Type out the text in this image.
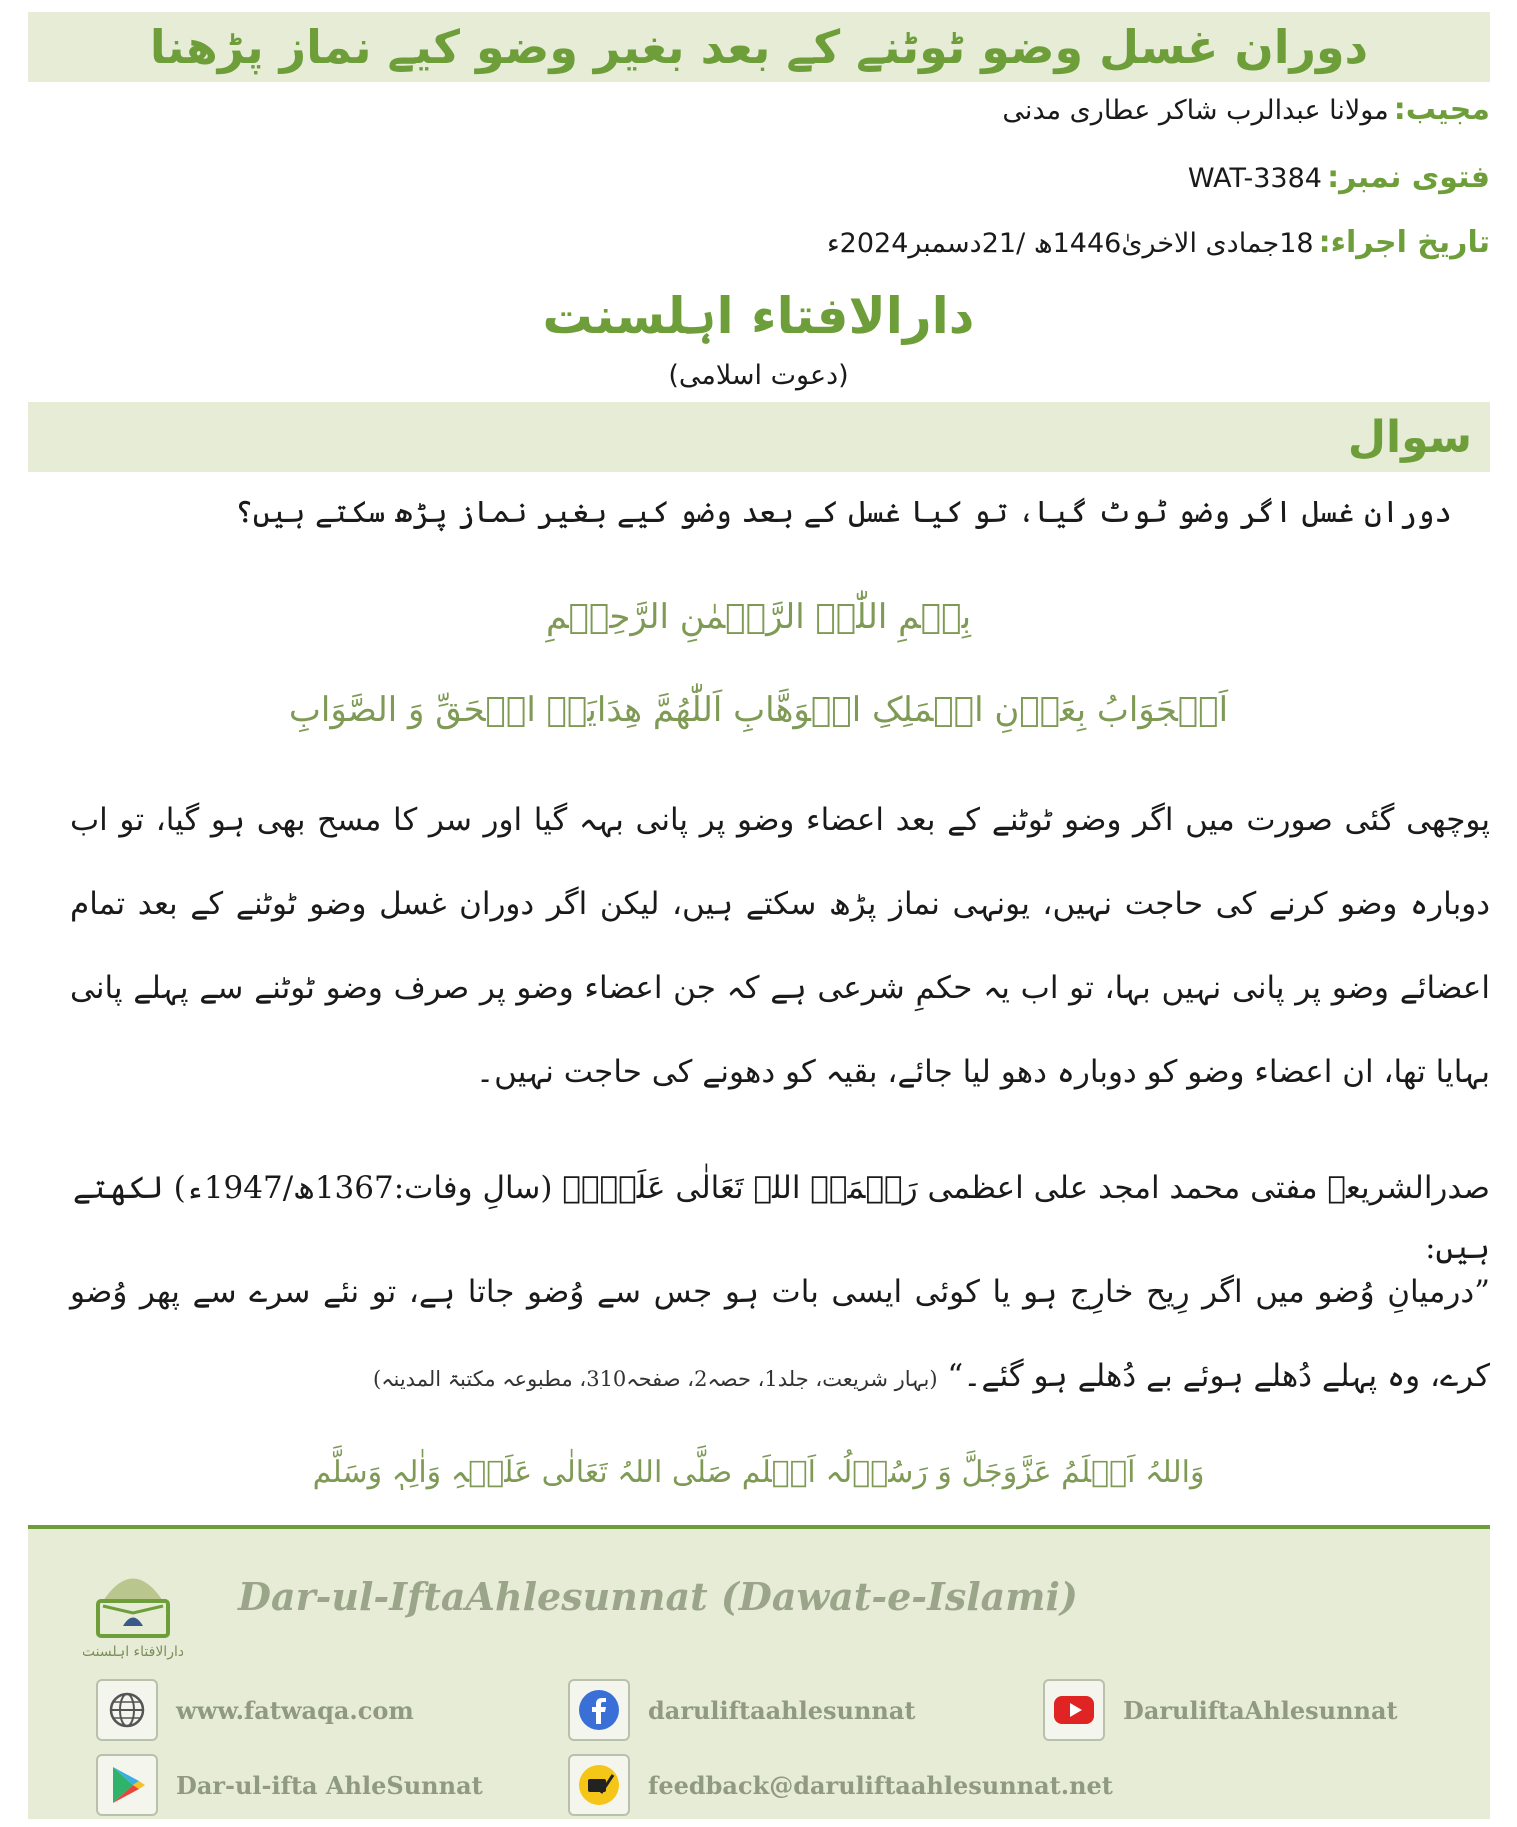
دوران غسل وضو ٹوٹنے کے بعد بغیر وضو کیے نماز پڑھنا
مجیب: مولانا عبدالرب شاکر عطاری مدنی
فتوی نمبر: WAT-3384
تاریخ اجراء: 18جمادی الاخریٰ1446ھ /21دسمبر2024ء
دارالافتاء اہلسنت
(دعوت اسلامی)
سوال
دوران غسل اگر وضو ٹوٹ گیا، تو کیا غسل کے بعد وضو کیے بغیر نماز پڑھ سکتے ہیں؟
بِسۡمِ اللّٰہِ الرَّحۡمٰنِ الرَّحِیۡمِ
اَلۡجَوَابُ بِعَوۡنِ الۡمَلِکِ الۡوَھَّابِ اَللّٰھُمَّ ھِدَایَۃَ الۡحَقِّ وَ الصَّوَابِ
پوچھی گئی صورت میں اگر وضو ٹوٹنے کے بعد اعضاء وضو پر پانی بہہ گیا اور سر کا مسح بھی ہو گیا، تو اب دوبارہ وضو کرنے کی حاجت نہیں، یونہی نماز پڑھ سکتے ہیں، لیکن اگر دوران غسل وضو ٹوٹنے کے بعد تمام اعضائے وضو پر پانی نہیں بہا، تو اب یہ حکمِ شرعی ہے کہ جن اعضاء وضو پر صرف وضو ٹوٹنے سے پہلے پانی بہایا تھا، ان اعضاء وضو کو دوبارہ دھو لیا جائے، بقیہ کو دھونے کی حاجت نہیں۔
صدرالشریعہ مفتی محمد امجد علی اعظمی رَحۡمَۃُ اللہ تَعَالٰی عَلَیۡہِ (سالِ وفات:1367ھ/1947ء) لکھتے ہیں:
”درمیانِ وُضو میں اگر رِیح خارِج ہو یا کوئی ایسی بات ہو جس سے وُضو جاتا ہے، تو نئے سرے سے پھر وُضو کرے، وہ پہلے دُھلے ہوئے بے دُھلے ہو گئے۔“ (بہار شریعت، جلد1، حصہ2، صفحہ310، مطبوعہ مکتبۃ المدینہ)
وَاللہُ اَعۡلَمُ عَزَّوَجَلَّ وَ رَسُوۡلُہ اَعۡلَم صَلَّی اللہُ تَعَالٰی عَلَیۡہِ وَاٰلِہٖ وَسَلَّم
دارالافتاء اہلسنت
Dar-ul-IftaAhlesunnat (Dawat-e-Islami)
www.fatwaqa.com	daruliftaahlesunnat	DaruliftaAhlesunnat
Dar-ul-ifta AhleSunnat	feedback@daruliftaahlesunnat.net
